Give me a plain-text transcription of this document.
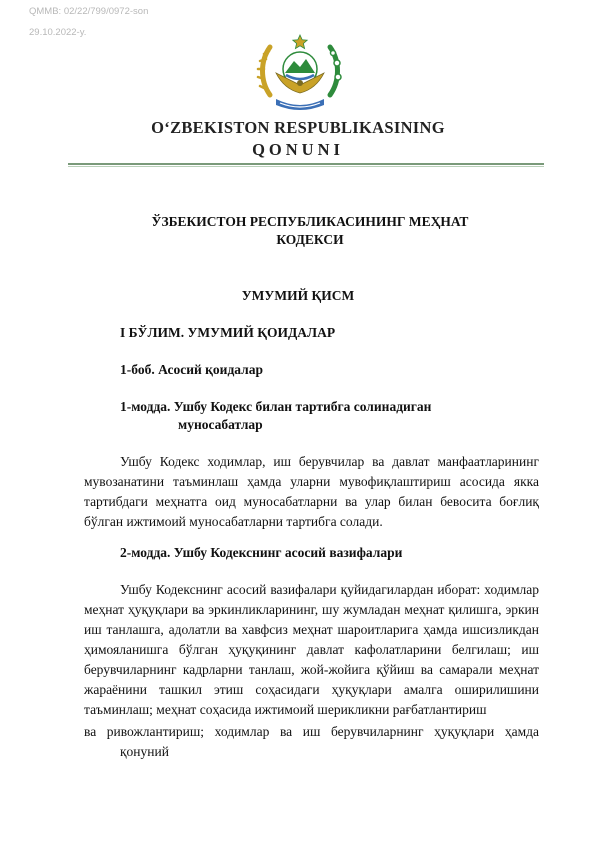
QMMB: 02/22/799/0972-son
29.10.2022-y.
O‘ZBEKISTON RESPUBLIKASINING
QONUNI
ЎЗБЕКИСТОН РЕСПУБЛИКАСИНИНГ МЕҲНАТ
КОДЕКСИ
УМУМИЙ ҚИСМ
I БЎЛИМ. УМУМИЙ ҚОИДАЛАР
1-боб. Асосий қоидалар
1-модда. Ушбу Кодекс билан тартибга солинадиган
муносабатлар
Ушбу Кодекс ходимлар, иш берувчилар ва давлат манфаатларининг мувозанатини таъминлаш ҳамда уларни мувофиқлаштириш асосида якка тартибдаги меҳнатга оид муносабатларни ва улар билан бевосита боғлиқ бўлган ижтимоий муносабатларни тартибга солади.
2-модда. Ушбу Кодекснинг асосий вазифалари
Ушбу Кодекснинг асосий вазифалари қуйидагилардан иборат: ходимлар меҳнат ҳуқуқлари ва эркинликларининг, шу жумладан меҳнат қилишга, эркин иш танлашга, адолатли ва хавфсиз меҳнат шароитларига ҳамда ишсизликдан ҳимояланишга бўлган ҳуқуқининг давлат кафолатларини белгилаш; иш берувчиларнинг кадрларни танлаш, жой-жойига қўйиш ва самарали меҳнат жараёнини ташкил этиш соҳасидаги ҳуқуқлари амалга оширилишини таъминлаш; меҳнат соҳасида ижтимоий шерикликни рағбатлантириш
ва ривожлантириш; ходимлар ва иш берувчиларнинг ҳуқуқлари ҳамда
қонуний
